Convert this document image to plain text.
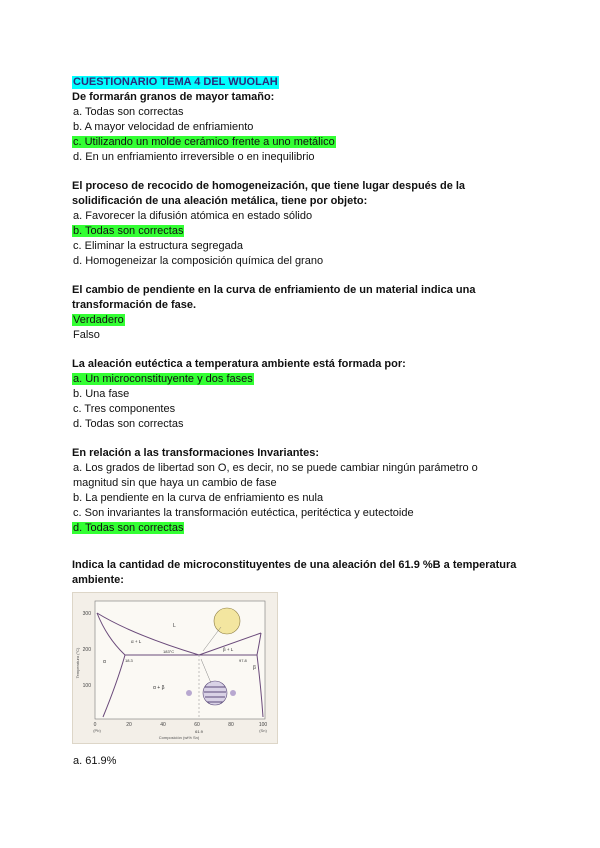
CUESTIONARIO TEMA 4 DEL WUOLAH

De formarán granos de mayor tamaño:

a. Todas son correctas

b. A mayor velocidad de enfriamiento

c. Utilizando un molde cerámico frente a uno metálico

d. En un enfriamiento irreversible o en inequilibrio

El proceso de recocido de homogeneización, que tiene lugar después de la

solidificación de una aleación metálica, tiene por objeto:

a. Favorecer la difusión atómica en estado sólido

b. Todas son correctas

c. Eliminar la estructura segregada

d. Homogeneizar la composición química del grano

El cambio de pendiente en la curva de enfriamiento de un material indica una

transformación de fase.

Verdadero

Falso

La aleación eutéctica a temperatura ambiente está formada por:

a. Un microconstituyente y dos fases

b. Una fase

c. Tres componentes

d. Todas son correctas

En relación a las transformaciones Invariantes:

a. Los grados de libertad son O, es decir, no se puede cambiar ningún parámetro o

magnitud sin que haya un cambio de fase

b. La pendiente en la curva de enfriamiento es nula

c. Son invariantes la transformación eutéctica, peritéctica y eutectoide

d. Todas son correctas

Indica la cantidad de microconstituyentes de una aleación del 61.9 %B a temperatura

ambiente:

300
200
100
Temperatura (°C)
0	20	40	60	80	100
(Pb)	(Sn)
Composición (wt% Sn)
L
α + L
β + L
α
β
α + β
183°C
18.3	97.8
61.9

a. 61.9%
